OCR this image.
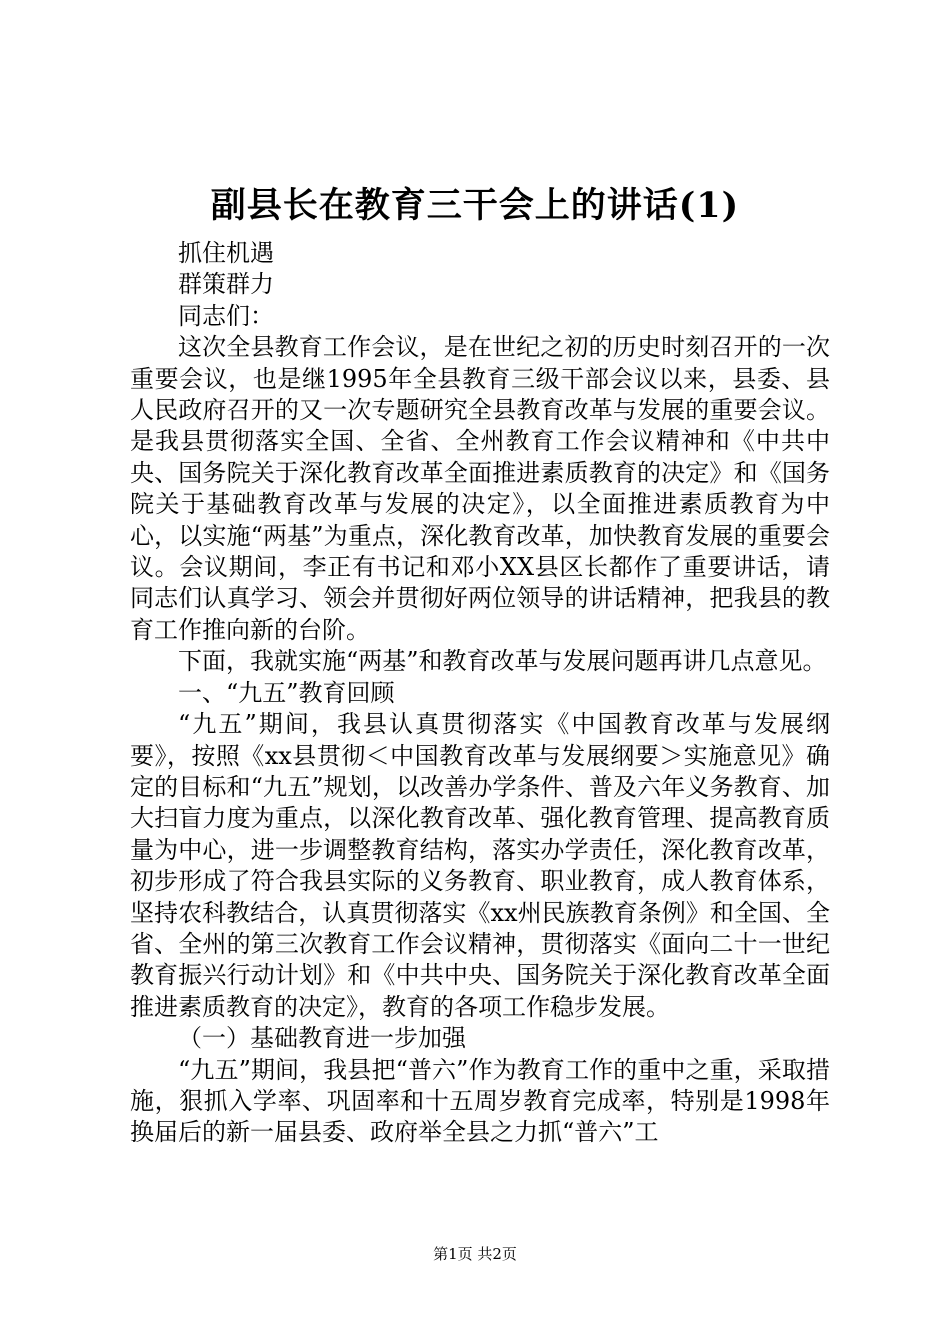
副县长在教育三干会上的讲话(1)

抓住机遇

群策群力

同志们：

这次全县教育工作会议，是在世纪之初的历史时刻召开的一次重要会议，也是继1995年全县教育三级干部会议以来，县委、县人民政府召开的又一次专题研究全县教育改革与发展的重要会议。是我县贯彻落实全国、全省、全州教育工作会议精神和《中共中央、国务院关于深化教育改革全面推进素质教育的决定》和《国务院关于基础教育改革与发展的决定》，以全面推进素质教育为中心，以实施“两基”为重点，深化教育改革，加快教育发展的重要会议。会议期间，李正有书记和邓小XX县区长都作了重要讲话，请同志们认真学习、领会并贯彻好两位领导的讲话精神，把我县的教育工作推向新的台阶。

下面，我就实施“两基”和教育改革与发展问题再讲几点意见。

一、“九五”教育回顾

“九五”期间，我县认真贯彻落实《中国教育改革与发展纲要》，按照《xx县贯彻＜中国教育改革与发展纲要＞实施意见》确定的目标和“九五”规划，以改善办学条件、普及六年义务教育、加大扫盲力度为重点，以深化教育改革、强化教育管理、提高教育质量为中心，进一步调整教育结构，落实办学责任，深化教育改革，初步形成了符合我县实际的义务教育、职业教育，成人教育体系，坚持农科教结合，认真贯彻落实《xx州民族教育条例》和全国、全省、全州的第三次教育工作会议精神，贯彻落实《面向二十一世纪教育振兴行动计划》和《中共中央、国务院关于深化教育改革全面推进素质教育的决定》，教育的各项工作稳步发展。

（一）基础教育进一步加强

“九五”期间，我县把“普六”作为教育工作的重中之重，采取措施，狠抓入学率、巩固率和十五周岁教育完成率，特别是1998年换届后的新一届县委、政府举全县之力抓“普六”工

第1页 共2页
